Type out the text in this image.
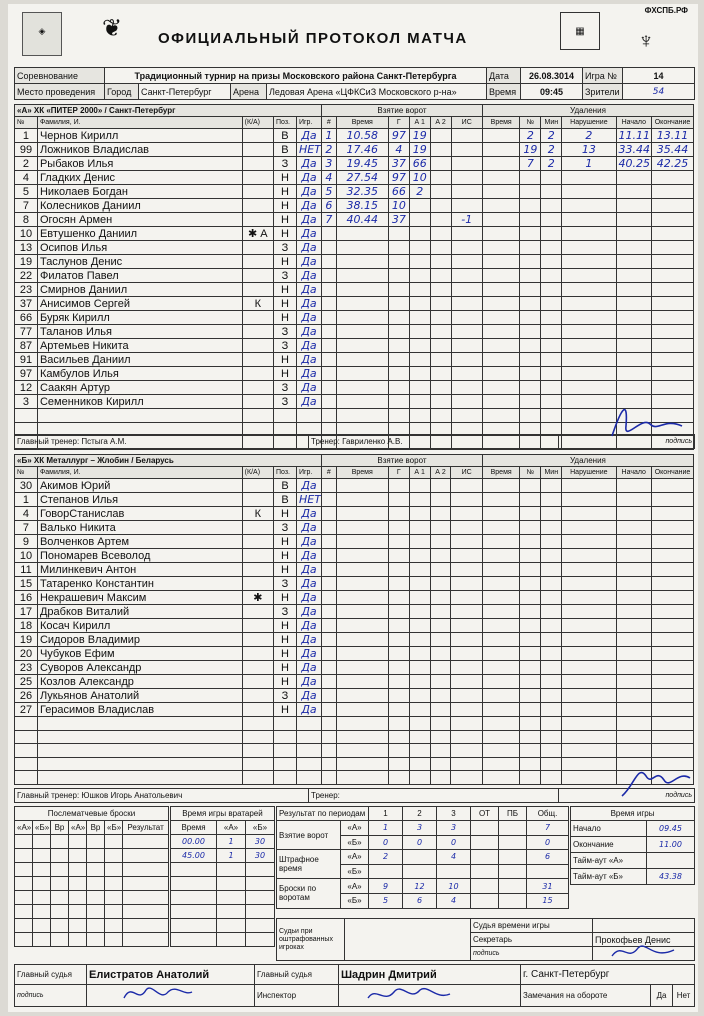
◈	❦	ОФИЦИАЛЬНЫЙ ПРОТОКОЛ МАТЧА	▦
ФХСПБ.РФ
♆
Соревнование	Традиционный турнир на призы Московского района Санкт-Петербурга	Дата	26.08.3014	Игра №	14
Место проведения	Город	Санкт-Петербург	Арена	Ледовая Арена «ЦФКСиЗ Московского р-на»	Время	09:45	Зрители	54
«А» ХК «ПИТЕР 2000» / Санкт-Петербург					Взятие ворот						Удаления					
№	Фамилия, И.	(К/А)	Поз.	Игр.	#	Время	Г	А 1	А 2	ИС	Время	№	Мин	Нарушение	Начало	Окончание
1	Чернов Кирилл		В	Да	1	10.58	97	19				2	2	2	11.11	13.11
99	Ложников Владислав		В	НЕТ	2	17.46	4	19				19	2	13	33.44	35.44
2	Рыбаков Илья		З	Да	3	19.45	37	66				7	2	1	40.25	42.25
4	Гладких Денис		Н	Да	4	27.54	97	10								
5	Николаев Богдан		Н	Да	5	32.35	66	2								
7	Колесников Даниил		Н	Да	6	38.15	10									
8	Огосян Армен		Н	Да	7	40.44	37			-1						
10	Евтушенко Даниил	✱ А	Н	Да												
13	Осипов Илья		З	Да												
19	Таслунов Денис		Н	Да												
22	Филатов Павел		З	Да												
23	Смирнов Даниил		Н	Да												
37	Анисимов Сергей	К	Н	Да												
66	Буряк Кирилл		Н	Да												
77	Таланов Илья		З	Да												
87	Артемьев Никита		З	Да												
91	Васильев Даниил		Н	Да												
97	Камбулов Илья		Н	Да												
12	Саакян Артур		З	Да												
3	Семенников Кирилл		З	Да												

Главный тренер: Пстыга А.М.	Тренер: Гавриленко А.В.	подпись
«Б» ХК Металлург – Жлобин / Беларусь					Взятие ворот						Удаления					
№	Фамилия, И.	(К/А)	Поз.	Игр.	#	Время	Г	А 1	А 2	ИС	Время	№	Мин	Нарушение	Начало	Окончание
30	Акимов Юрий		В	Да												
1	Степанов Илья		В	НЕТ												
4	ГоворСтанислав	К	Н	Да												
7	Валько Никита		З	Да												
9	Волченков Артем		Н	Да												
10	Пономарев Всеволод		Н	Да												
11	Милинкевич Антон		Н	Да												
15	Татаренко Константин		З	Да												
16	Некрашевич Максим	✱	Н	Да												
17	Драбков Виталий		З	Да												
18	Косач Кирилл		Н	Да												
19	Сидоров Владимир		Н	Да												
20	Чубуков Ефим		Н	Да												
23	Суворов Александр		Н	Да												
25	Козлов Александр		Н	Да												
26	Лукьянов Анатолий		З	Да												
27	Герасимов Владислав		Н	Да												

Главный тренер: Юшков Игорь Анатольевич	Тренер:	подпись
Послематчевые броски						
«А»	«Б»	Вр	«А»	Вр	«Б»	Результат

Время игры вратарей		
Время	«А»	«Б»
00.00	1	30
45.00	1	30

Результат по периодам		1	2	3	ОТ	ПБ	Общ.
Взятие ворот	«А»	1	3	3			7
	«Б»	0	0	0			0
Штрафное время	«А»	2		4			6
	«Б»						
Броски по воротам	«А»	9	12	10			31
	«Б»	5	6	4			15
Время игры	
Начало	09.45
Окончание	11.00
Тайм-аут «А»	
Тайм-аут «Б»	43.38
Судьи при оштрафованных игроках		Судья времени игры	
		Секретарь	Прокофьев Денис
		подпись	
Главный судья	Елистратов Анатолий	Главный судья	Шадрин Дмитрий	г. Санкт-Петербург		
подпись		Инспектор		Замечания на обороте	Да	Нет
